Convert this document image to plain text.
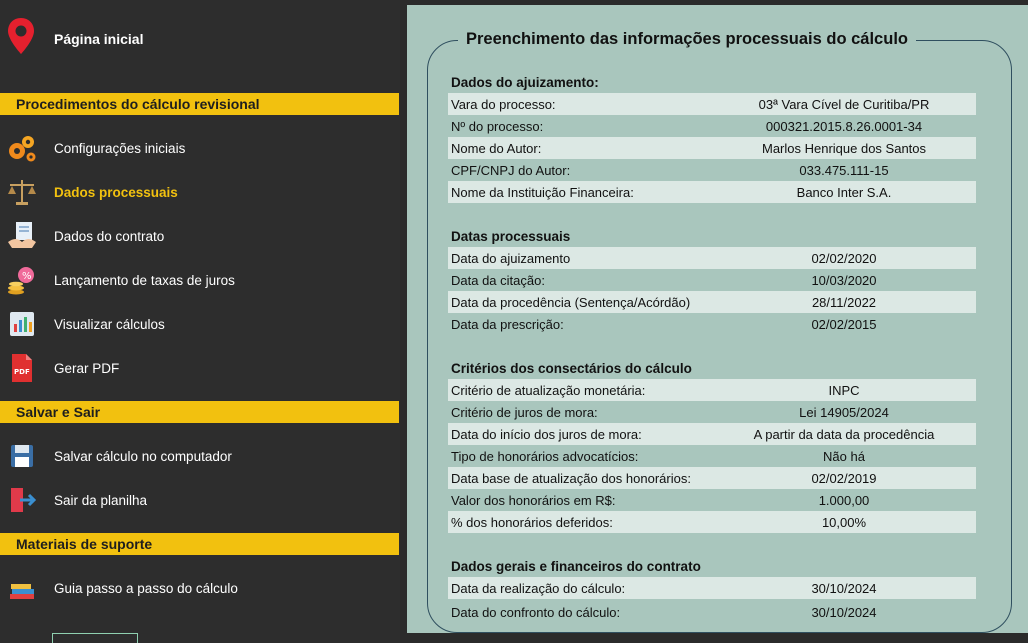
Página inicial
Procedimentos do cálculo revisional
Configurações iniciais
Dados processuais
Dados do contrato
% Lançamento de taxas de juros
Visualizar cálculos
PDF Gerar PDF
Salvar e Sair
Salvar cálculo no computador
Sair da planilha
Materiais de suporte
Guia passo a passo do cálculo
Preenchimento das informações processuais do cálculo
Dados do ajuizamento:
Vara do processo:	03ª Vara Cível de Curitiba/PR
Nº do processo:	000321.2015.8.26.0001-34
Nome do Autor:	Marlos Henrique dos Santos
CPF/CNPJ do Autor:	033.475.111-15
Nome da Instituição Financeira:	Banco Inter S.A.
Datas processuais
Data do ajuizamento	02/02/2020
Data da citação:	10/03/2020
Data da procedência (Sentença/Acórdão)	28/11/2022
Data da prescrição:	02/02/2015
Critérios dos consectários do cálculo
Critério de atualização monetária:	INPC
Critério de juros de mora:	Lei 14905/2024
Data do início dos juros de mora:	A partir da data da procedência
Tipo de honorários advocatícios:	Não há
Data base de atualização dos honorários:	02/02/2019
Valor dos honorários em R$:	1.000,00
% dos honorários deferidos:	10,00%
Dados gerais e financeiros do contrato
Data da realização do cálculo:	30/10/2024
Data do confronto do cálculo:	30/10/2024
